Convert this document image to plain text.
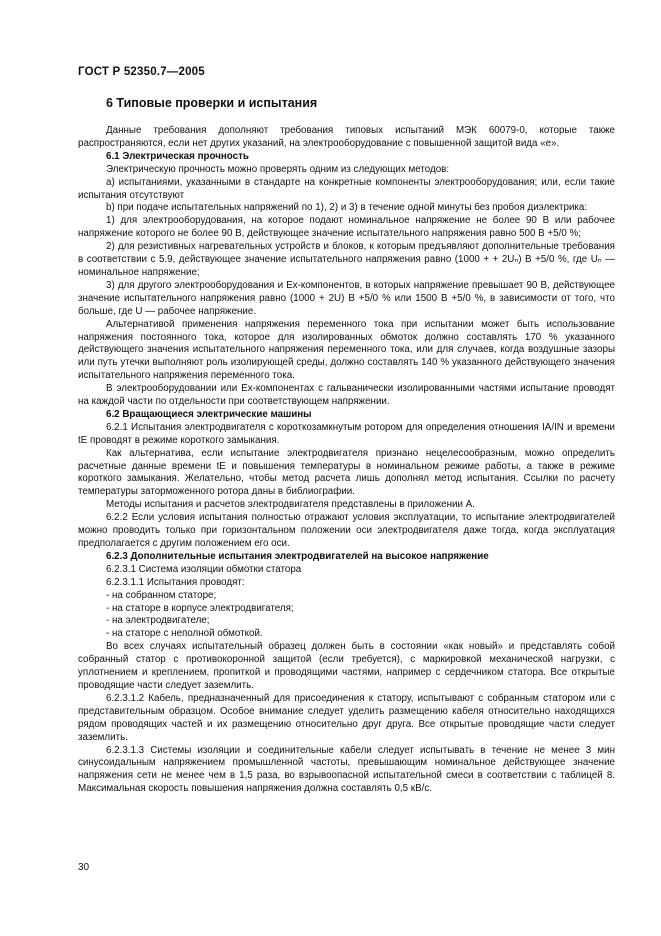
ГОСТ Р 52350.7—2005

6 Типовые проверки и испытания

Данные требования дополняют требования типовых испытаний МЭК 60079-0, которые также распространяются, если нет других указаний, на электрооборудование с повышенной защитой вида «е».

6.1 Электрическая прочность

Электрическую прочность можно проверять одним из следующих методов:

a) испытаниями, указанными в стандарте на конкретные компоненты электрооборудования; или, если такие испытания отсутствуют

b) при подаче испытательных напряжений по 1), 2) и 3) в течение одной минуты без пробоя диэлектрика:

1) для электрооборудования, на которое подают номинальное напряжение не более 90 В или рабочее напряжение которого не более 90 В, действующее значение испытательного напряжения равно 500 В +5/0 %;

2) для резистивных нагревательных устройств и блоков, к которым предъявляют дополнительные требования в соответствии с 5.9, действующее значение испытательного напряжения равно (1000 + + 2Uₙ) В +5/0 %, где Uₙ — номинальное напряжение;

3) для другого электрооборудования и Ex-компонентов, в которых напряжение превышает 90 В, действующее значение испытательного напряжения равно (1000 + 2U) В +5/0 % или 1500 В +5/0 %, в зависимости от того, что больше, где U — рабочее напряжение.

Альтернативой применения напряжения переменного тока при испытании может быть использование напряжения постоянного тока, которое для изолированных обмоток должно составлять 170 % указанного действующего значения испытательного напряжения переменного тока, или для случаев, когда воздушные зазоры или путь утечки выполняют роль изолирующей среды, должно составлять 140 % указанного действующего значения испытательного напряжения переменного тока.

В электрооборудовании или Ex-компонентах с гальванически изолированными частями испытание проводят на каждой части по отдельности при соответствующем напряжении.

6.2 Вращающиеся электрические машины

6.2.1 Испытания электродвигателя с короткозамкнутым ротором для определения отношения IA/IN и времени tE проводят в режиме короткого замыкания.

Как альтернатива, если испытание электродвигателя признано нецелесообразным, можно определить расчетные данные времени tE и повышения температуры в номинальном режиме работы, а также в режиме короткого замыкания. Желательно, чтобы метод расчета лишь дополнял метод испытания. Ссылки по расчету температуры заторможенного ротора даны в библиографии.

Методы испытания и расчетов электродвигателя представлены в приложении А.

6.2.2 Если условия испытания полностью отражают условия эксплуатации, то испытание электродвигателей можно проводить только при горизонтальном положении оси электродвигателя даже тогда, когда эксплуатация предполагается с другим положением его оси.

6.2.3 Дополнительные испытания электродвигателей на высокое напряжение

6.2.3.1 Система изоляции обмотки статора

6.2.3.1.1 Испытания проводят:

- на собранном статоре;

- на статоре в корпусе электродвигателя;

- на электродвигателе;

- на статоре с неполной обмоткой.

Во всех случаях испытательный образец должен быть в состоянии «как новый» и представлять собой собранный статор с противокоронной защитой (если требуется), с маркировкой механической нагрузки, с уплотнением и креплением, пропиткой и проводящими частями, например с сердечником статора. Все открытые проводящие части следует заземлить.

6.2.3.1.2 Кабель, предназначенный для присоединения к статору, испытывают с собранным статором или с представительным образцом. Особое внимание следует уделить размещению кабеля относительно находящихся рядом проводящих частей и их размещению относительно друг друга. Все открытые проводящие части следует заземлить.

6.2.3.1.3 Системы изоляции и соединительные кабели следует испытывать в течение не менее 3 мин синусоидальным напряжением промышленной частоты, превышающим номинальное действующее значение напряжения сети не менее чем в 1,5 раза, во взрывоопасной испытательной смеси в соответствии с таблицей 8. Максимальная скорость повышения напряжения должна составлять 0,5 кВ/с.

30
